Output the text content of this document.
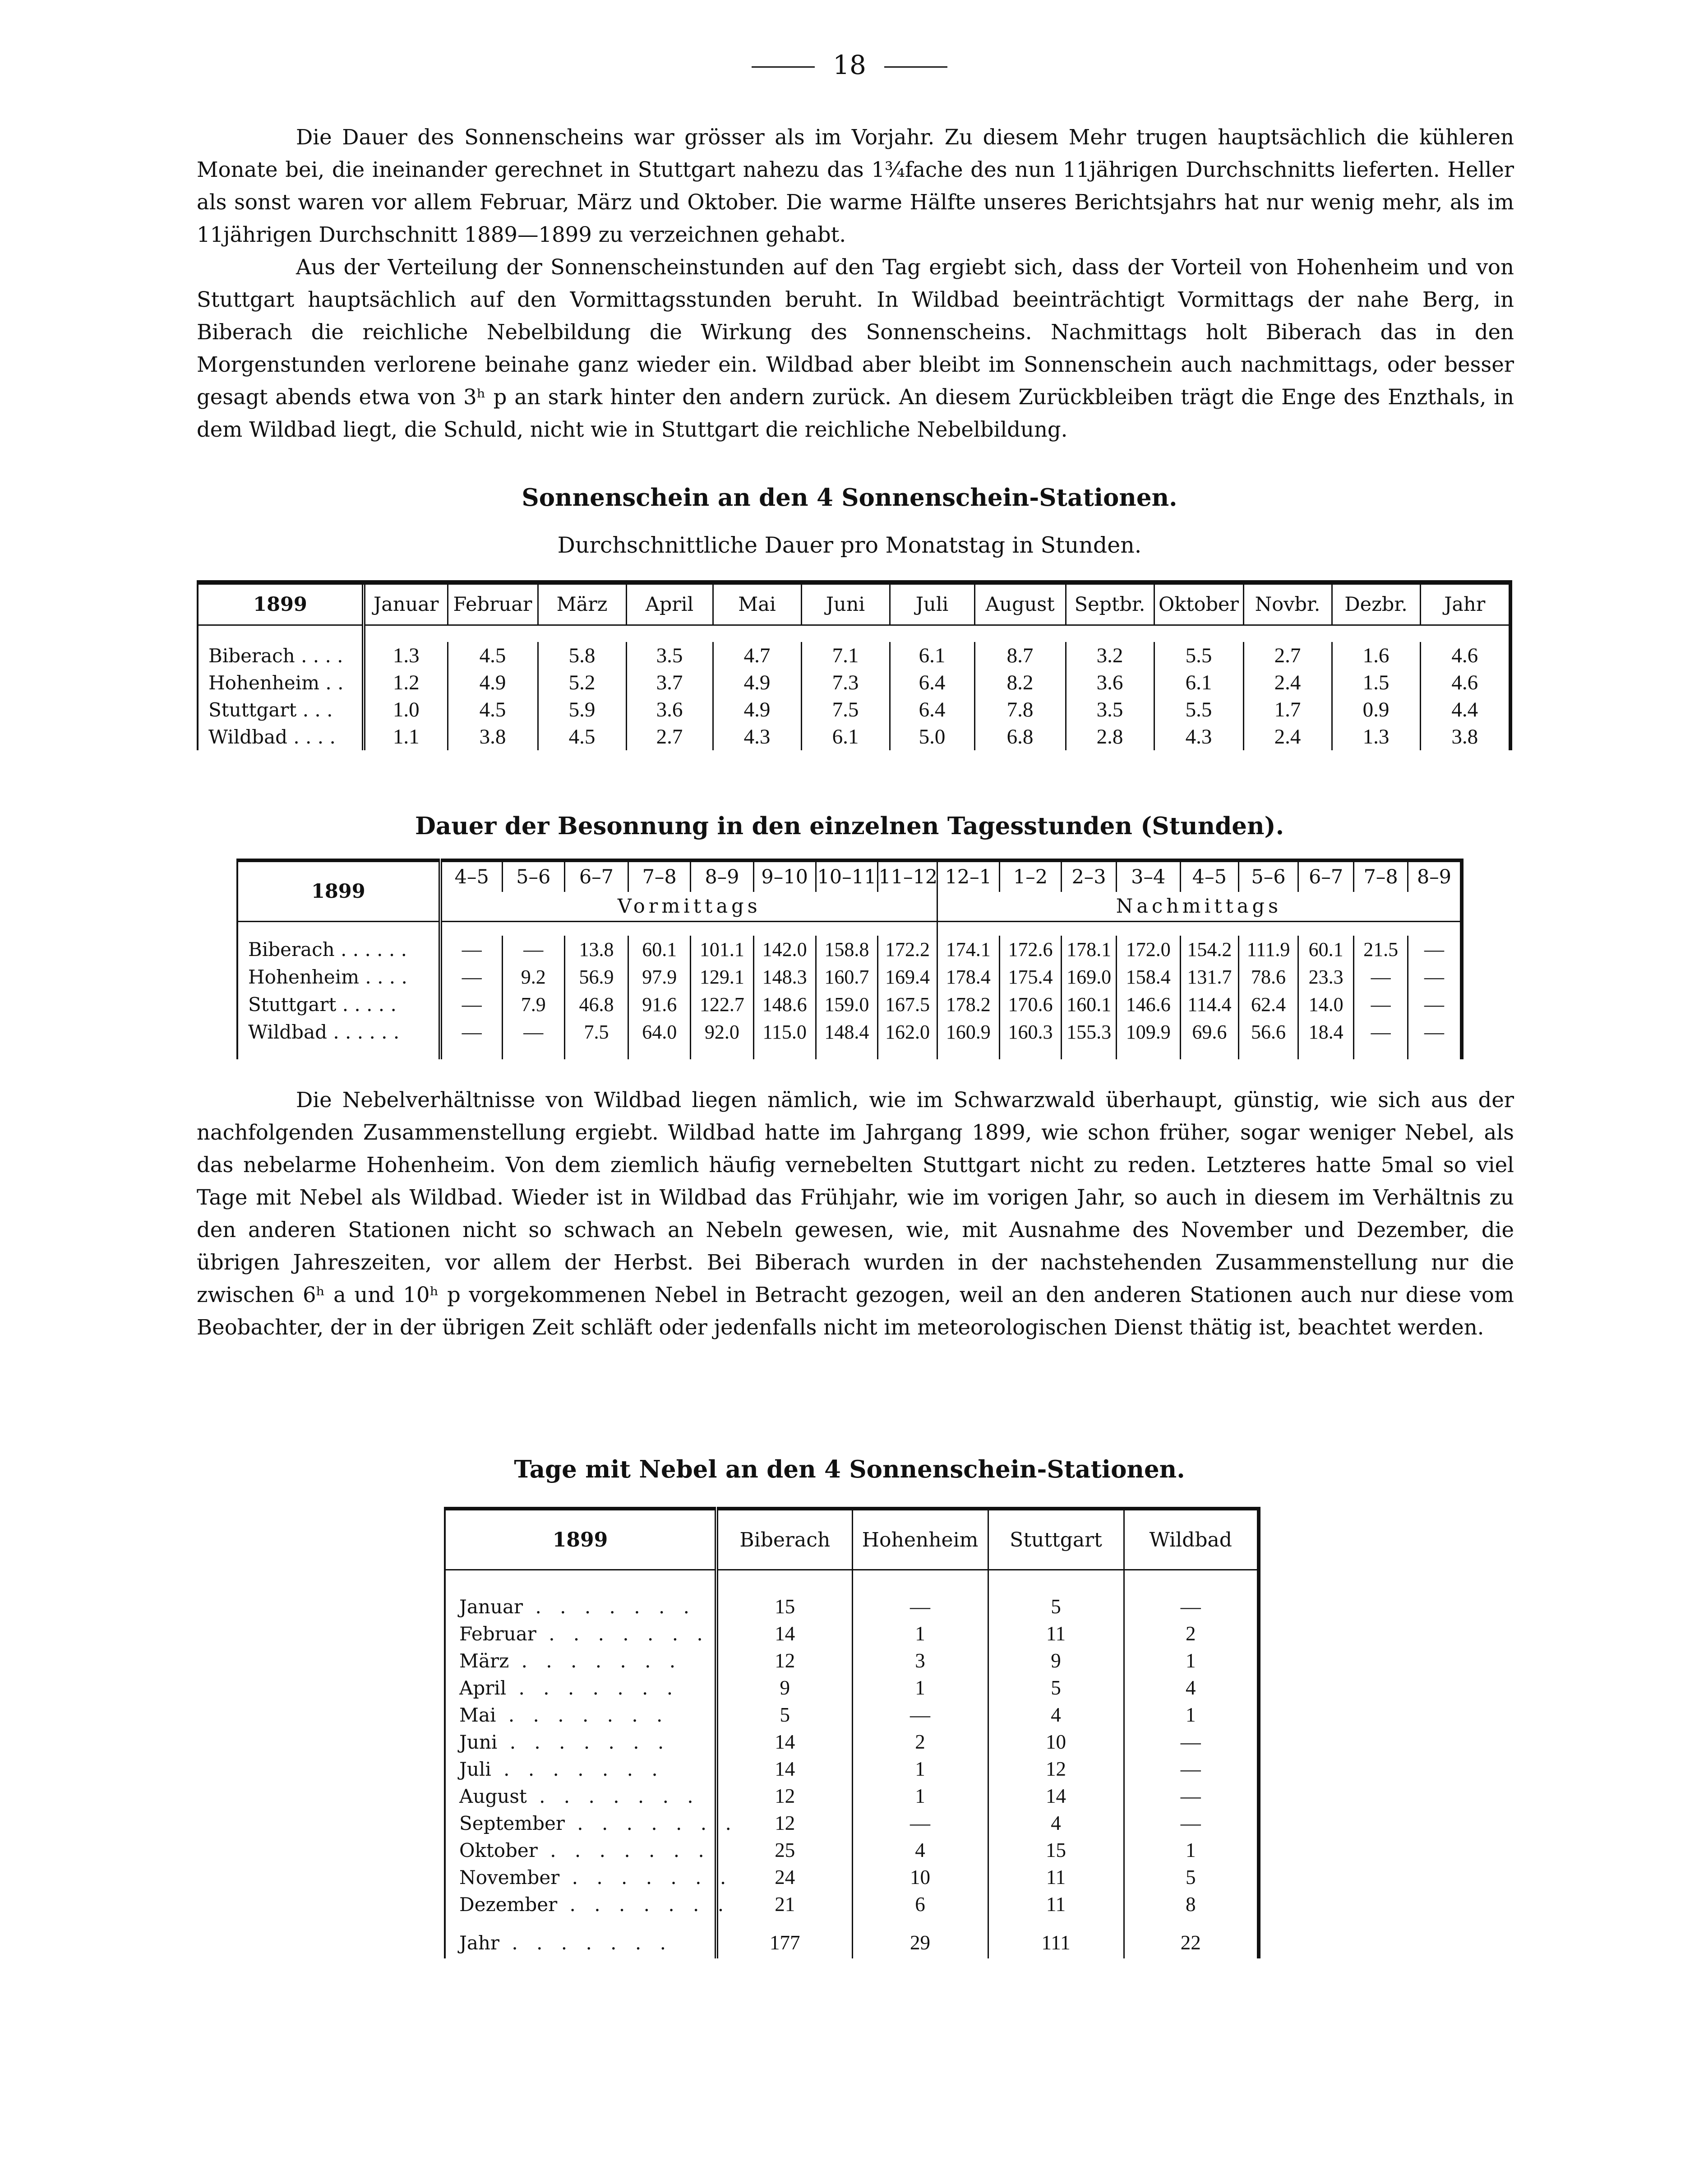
18

Die Dauer des Sonnenscheins war grösser als im Vorjahr. Zu diesem Mehr trugen hauptsächlich die kühleren Monate bei, die ineinander gerechnet in Stuttgart nahezu das 1¾fache des nun 11jährigen Durchschnitts lieferten. Heller als sonst waren vor allem Februar, März und Oktober. Die warme Hälfte unseres Berichtsjahrs hat nur wenig mehr, als im 11jährigen Durchschnitt 1889—1899 zu verzeichnen gehabt.

Aus der Verteilung der Sonnenscheinstunden auf den Tag ergiebt sich, dass der Vorteil von Hohenheim und von Stuttgart hauptsächlich auf den Vormittagsstunden beruht. In Wildbad beeinträchtigt Vormittags der nahe Berg, in Biberach die reichliche Nebelbildung die Wirkung des Sonnenscheins. Nachmittags holt Biberach das in den Morgenstunden verlorene beinahe ganz wieder ein. Wildbad aber bleibt im Sonnenschein auch nachmittags, oder besser gesagt abends etwa von 3ʰ p an stark hinter den andern zurück. An diesem Zurückbleiben trägt die Enge des Enzthals, in dem Wildbad liegt, die Schuld, nicht wie in Stuttgart die reichliche Nebelbildung.

Sonnenschein an den 4 Sonnenschein-Stationen.
Durchschnittliche Dauer pro Monatstag in Stunden.
1899	Januar	Februar	März	April	Mai	Juni	Juli	August	Septbr.	Oktober	Novbr.	Dezbr.	Jahr

Biberach . . . .	1.3	4.5	5.8	3.5	4.7	7.1	6.1	8.7	3.2	5.5	2.7	1.6	4.6
Hohenheim . .	1.2	4.9	5.2	3.7	4.9	7.3	6.4	8.2	3.6	6.1	2.4	1.5	4.6
Stuttgart . . .	1.0	4.5	5.9	3.6	4.9	7.5	6.4	7.8	3.5	5.5	1.7	0.9	4.4
Wildbad . . . .	1.1	3.8	4.5	2.7	4.3	6.1	5.0	6.8	2.8	4.3	2.4	1.3	3.8
Dauer der Besonnung in den einzelnen Tagesstunden (Stunden).
1899	4–5	5–6	6–7	7–8	8–9	9–10	10–11	11–12	12–1	1–2	2–3	3–4	4–5	5–6	6–7	7–8	8–9
	Vormittags								Nachmittags								

Biberach . . . . . .	—	—	13.8	60.1	101.1	142.0	158.8	172.2	174.1	172.6	178.1	172.0	154.2	111.9	60.1	21.5	—
Hohenheim . . . .	—	9.2	56.9	97.9	129.1	148.3	160.7	169.4	178.4	175.4	169.0	158.4	131.7	78.6	23.3	—	—
Stuttgart . . . . .	—	7.9	46.8	91.6	122.7	148.6	159.0	167.5	178.2	170.6	160.1	146.6	114.4	62.4	14.0	—	—
Wildbad . . . . . .	—	—	7.5	64.0	92.0	115.0	148.4	162.0	160.9	160.3	155.3	109.9	69.6	56.6	18.4	—	—

Die Nebelverhältnisse von Wildbad liegen nämlich, wie im Schwarzwald überhaupt, günstig, wie sich aus der nachfolgenden Zusammenstellung ergiebt. Wildbad hatte im Jahrgang 1899, wie schon früher, sogar weniger Nebel, als das nebelarme Hohenheim. Von dem ziemlich häufig vernebelten Stuttgart nicht zu reden. Letzteres hatte 5mal so viel Tage mit Nebel als Wildbad. Wieder ist in Wildbad das Frühjahr, wie im vorigen Jahr, so auch in diesem im Verhältnis zu den anderen Stationen nicht so schwach an Nebeln gewesen, wie, mit Ausnahme des November und Dezember, die übrigen Jahreszeiten, vor allem der Herbst. Bei Biberach wurden in der nachstehenden Zusammenstellung nur die zwischen 6ʰ a und 10ʰ p vorgekommenen Nebel in Betracht gezogen, weil an den anderen Stationen auch nur diese vom Beobachter, der in der übrigen Zeit schläft oder jedenfalls nicht im meteorologischen Dienst thätig ist, beachtet werden.

Tage mit Nebel an den 4 Sonnenschein-Stationen.
1899	Biberach	Hohenheim	Stuttgart	Wildbad

Januar . . . . . . .	15	—	5	—
Februar . . . . . . .	14	1	11	2
März . . . . . . .	12	3	9	1
April . . . . . . .	9	1	5	4
Mai . . . . . . .	5	—	4	1
Juni . . . . . . .	14	2	10	—
Juli . . . . . . .	14	1	12	—
August . . . . . . .	12	1	14	—
September . . . . . . .	12	—	4	—
Oktober . . . . . . .	25	4	15	1
November . . . . . . .	24	10	11	5
Dezember . . . . . . .	21	6	11	8

Jahr . . . . . . .	177	29	111	22
